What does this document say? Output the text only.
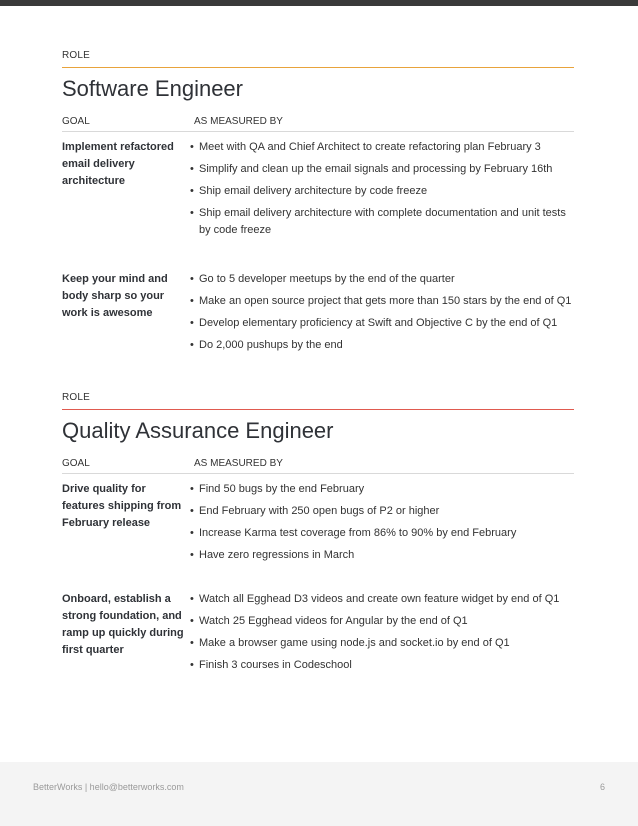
ROLE
Software Engineer
GOAL	AS MEASURED BY
Implement refactored email delivery architecture
• Meet with QA and Chief Architect to create refactoring plan February 3
• Simplify and clean up the email signals and processing by February 16th
• Ship email delivery architecture by code freeze
• Ship email delivery architecture with complete documentation and unit tests by code freeze
Keep your mind and body sharp so your work is awesome
• Go to 5 developer meetups by the end of the quarter
• Make an open source project that gets more than 150 stars by the end of Q1
• Develop elementary proficiency at Swift and Objective C by the end of Q1
• Do 2,000 pushups by the end
ROLE
Quality Assurance Engineer
GOAL	AS MEASURED BY
Drive quality for features shipping from February release
• Find 50 bugs by the end February
• End February with 250 open bugs of P2 or higher
• Increase Karma test coverage from 86% to 90% by end February
• Have zero regressions in March
Onboard, establish a strong foundation, and ramp up quickly during first quarter
• Watch all Egghead D3 videos and create own feature widget by end of Q1
• Watch 25 Egghead videos for Angular by the end of Q1
• Make a browser game using node.js and socket.io by end of Q1
• Finish 3 courses in Codeschool
BetterWorks | hello@betterworks.com	6
